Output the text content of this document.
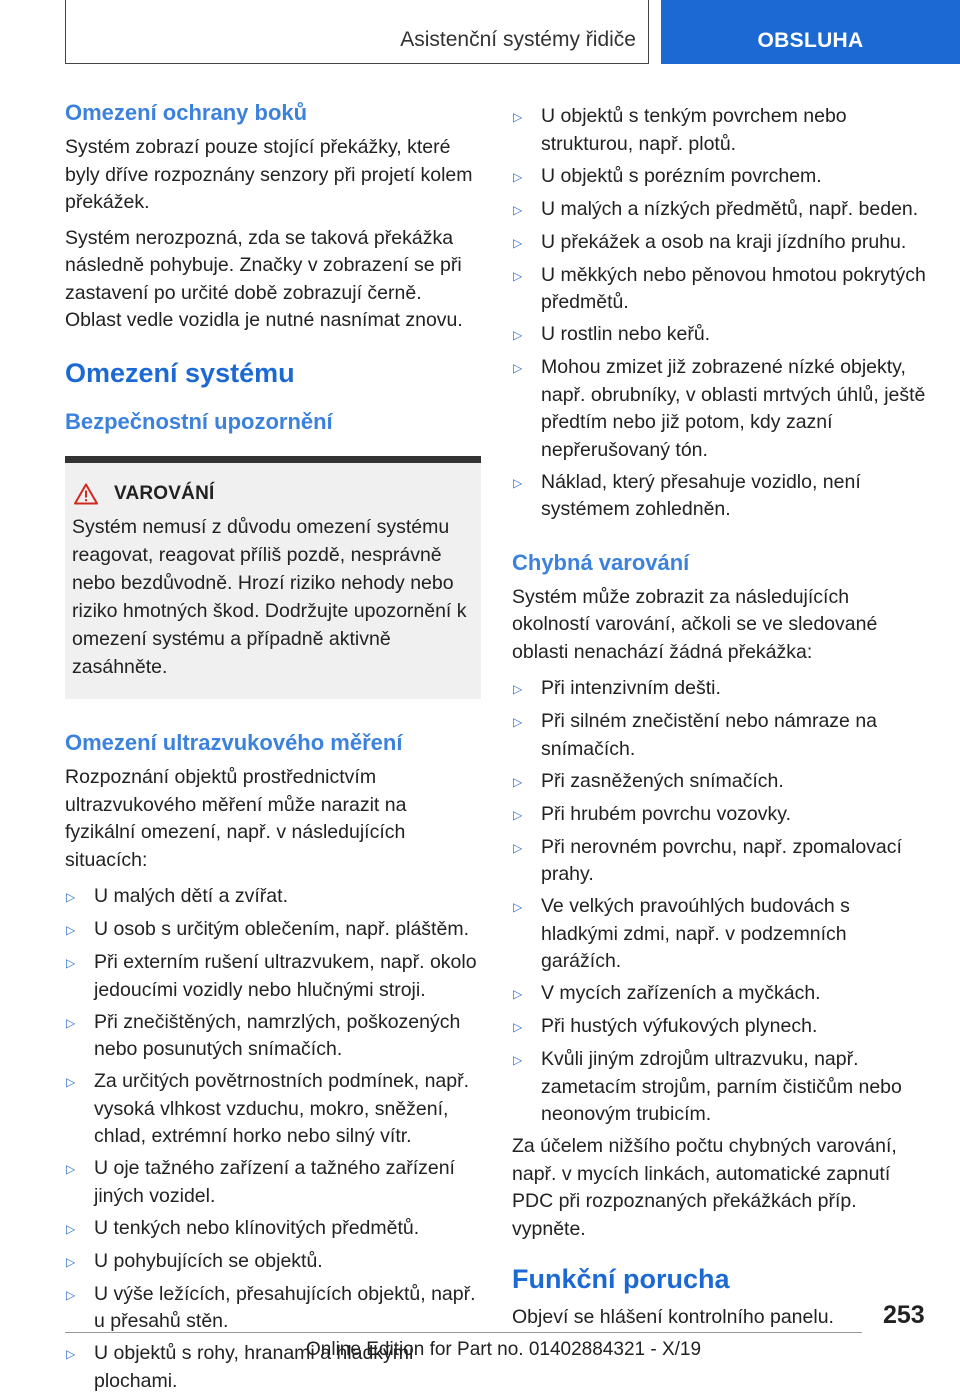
Asistenční systémy řidiče	OBSLUHA
Omezení ochrany boků

Systém zobrazí pouze stojící překážky, které byly dříve rozpoznány senzory při projetí kolem překážek.

Systém nerozpozná, zda se taková překážka následně pohybuje. Značky v zobrazení se při zastavení po určité době zobrazují černě. Oblast vedle vozidla je nutné nasnímat znovu.

Omezení systému
Bezpečnostní upozornění
VAROVÁNÍ

Systém nemusí z důvodu omezení systému reagovat, reagovat příliš pozdě, nesprávně nebo bezdůvodně. Hrozí riziko nehody nebo riziko hmotných škod. Dodržujte upozornění k omezení systému a případně aktivně zasáhněte.

Omezení ultrazvukového měření

Rozpoznání objektů prostřednictvím ultrazvukového měření může narazit na fyzikální omezení, např. v následujících situacích:

▷ U malých dětí a zvířat.
▷ U osob s určitým oblečením, např. pláštěm.
▷ Při externím rušení ultrazvukem, např. okolo jedoucími vozidly nebo hlučnými stroji.
▷ Při znečištěných, namrzlých, poškozených nebo posunutých snímačích.
▷ Za určitých povětrnostních podmínek, např. vysoká vlhkost vzduchu, mokro, sněžení, chlad, extrémní horko nebo silný vítr.
▷ U oje tažného zařízení a tažného zařízení jiných vozidel.
▷ U tenkých nebo klínovitých předmětů.
▷ U pohybujících se objektů.
▷ U výše ležících, přesahujících objektů, např. u přesahů stěn.
▷ U objektů s rohy, hranami a hladkými plochami.
▷ U objektů s tenkým povrchem nebo strukturou, např. plotů.
▷ U objektů s porézním povrchem.
▷ U malých a nízkých předmětů, např. beden.
▷ U překážek a osob na kraji jízdního pruhu.
▷ U měkkých nebo pěnovou hmotou pokrytých předmětů.
▷ U rostlin nebo keřů.
▷ Mohou zmizet již zobrazené nízké objekty, např. obrubníky, v oblasti mrtvých úhlů, ještě předtím nebo již potom, kdy zazní nepřerušovaný tón.
▷ Náklad, který přesahuje vozidlo, není systémem zohledněn.
Chybná varování

Systém může zobrazit za následujících okolností varování, ačkoli se ve sledované oblasti nenachází žádná překážka:

▷ Při intenzivním dešti.
▷ Při silném znečistění nebo námraze na snímačích.
▷ Při zasněžených snímačích.
▷ Při hrubém povrchu vozovky.
▷ Při nerovném povrchu, např. zpomalovací prahy.
▷ Ve velkých pravoúhlých budovách s hladkými zdmi, např. v podzemních garážích.
▷ V mycích zařízeních a myčkách.
▷ Při hustých výfukových plynech.
▷ Kvůli jiným zdrojům ultrazvuku, např. zametacím strojům, parním čističům nebo neonovým trubicím.

Za účelem nižšího počtu chybných varování, např. v mycích linkách, automatické zapnutí PDC při rozpoznaných překážkách příp. vypněte.

Funkční porucha

Objeví se hlášení kontrolního panelu.	253
Online Edition for Part no. 01402884321 - X/19
